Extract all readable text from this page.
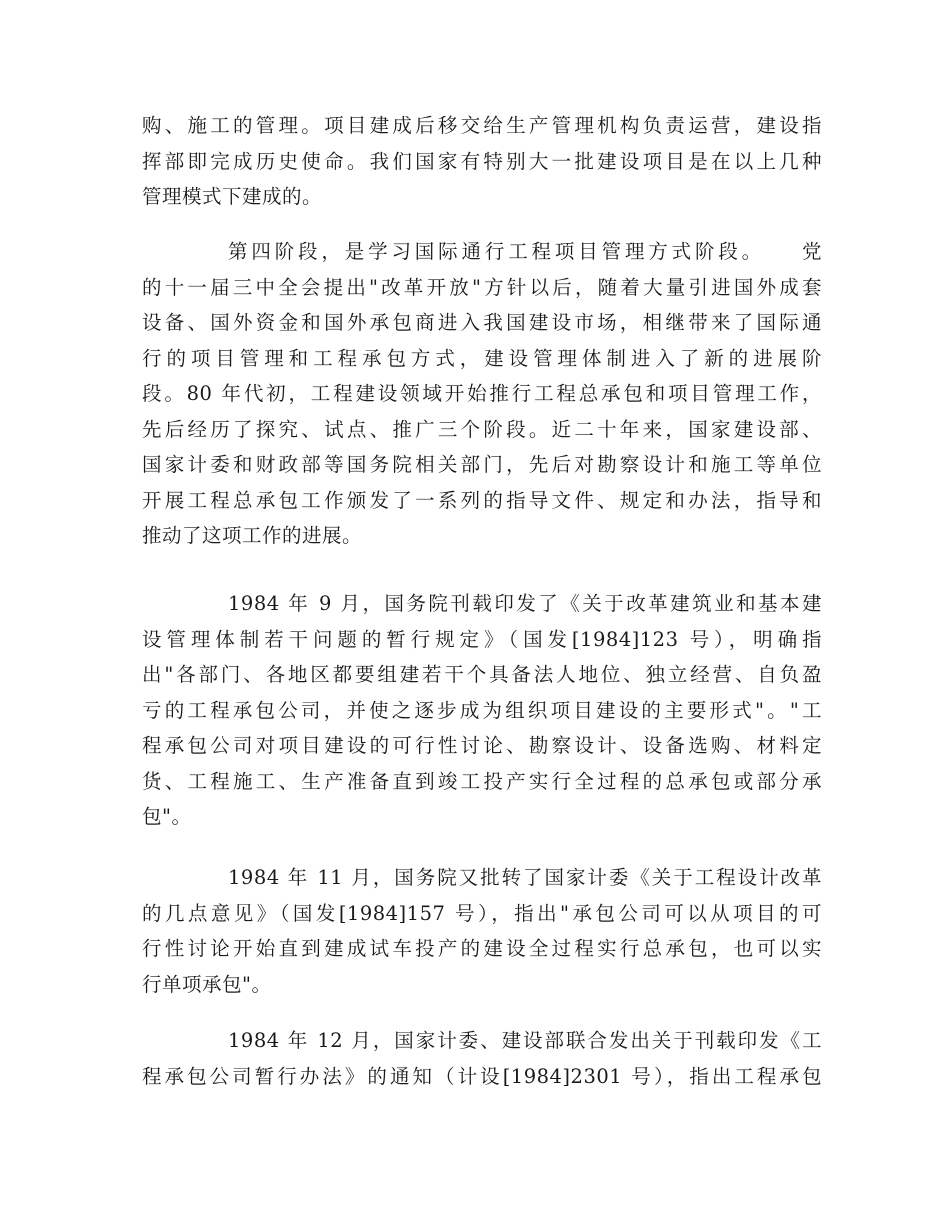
购、施工的管理。项目建成后移交给生产管理机构负责运营，建设指
挥部即完成历史使命。我们国家有特别大一批建设项目是在以上几种
管理模式下建成的。
第四阶段，是学习国际通行工程项目管理方式阶段。　　党
的十一届三中全会提出"改革开放"方针以后，随着大量引进国外成套
设备、国外资金和国外承包商进入我国建设市场，相继带来了国际通
行的项目管理和工程承包方式，建设管理体制进入了新的进展阶
段。80 年代初，工程建设领域开始推行工程总承包和项目管理工作，
先后经历了探究、试点、推广三个阶段。近二十年来，国家建设部、
国家计委和财政部等国务院相关部门，先后对勘察设计和施工等单位
开展工程总承包工作颁发了一系列的指导文件、规定和办法，指导和
推动了这项工作的进展。
1984 年 9 月，国务院刊载印发了《关于改革建筑业和基本建
设管理体制若干问题的暂行规定》（国发[1984]123 号），明确指
出"各部门、各地区都要组建若干个具备法人地位、独立经营、自负盈
亏的工程承包公司，并使之逐步成为组织项目建设的主要形式"。"工
程承包公司对项目建设的可行性讨论、勘察设计、设备选购、材料定
货、工程施工、生产准备直到竣工投产实行全过程的总承包或部分承
包"。
1984 年 11 月，国务院又批转了国家计委《关于工程设计改革
的几点意见》（国发[1984]157 号），指出"承包公司可以从项目的可
行性讨论开始直到建成试车投产的建设全过程实行总承包，也可以实
行单项承包"。
1984 年 12 月，国家计委、建设部联合发出关于刊载印发《工
程承包公司暂行办法》的通知（计设[1984]2301 号），指出工程承包
